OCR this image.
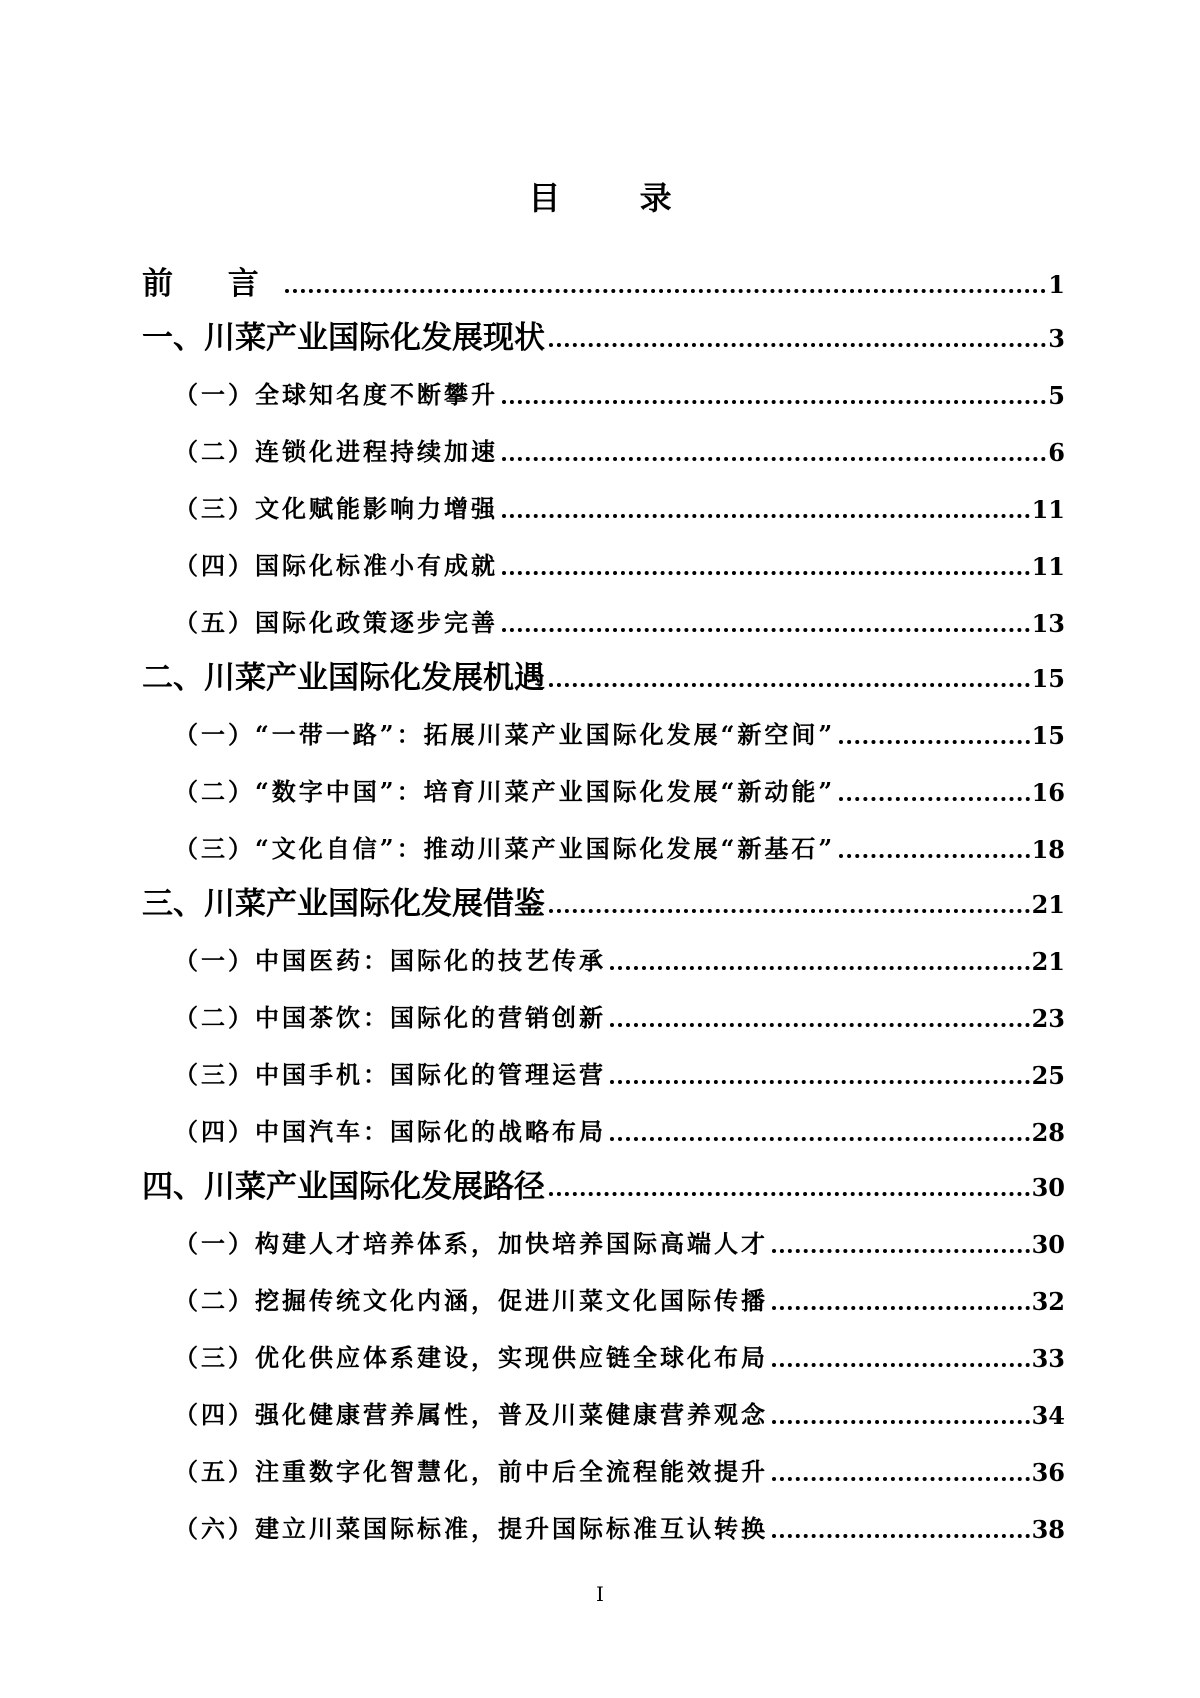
目 录
前 言	1
一、川菜产业国际化发展现状	3
（一）全球知名度不断攀升	5
（二）连锁化进程持续加速	6
（三）文化赋能影响力增强	11
（四）国际化标准小有成就	11
（五）国际化政策逐步完善	13
二、川菜产业国际化发展机遇	15
（一）“一带一路”：拓展川菜产业国际化发展“新空间”	15
（二）“数字中国”：培育川菜产业国际化发展“新动能”	16
（三）“文化自信”：推动川菜产业国际化发展“新基石”	18
三、川菜产业国际化发展借鉴	21
（一）中国医药：国际化的技艺传承	21
（二）中国茶饮：国际化的营销创新	23
（三）中国手机：国际化的管理运营	25
（四）中国汽车：国际化的战略布局	28
四、川菜产业国际化发展路径	30
（一）构建人才培养体系，加快培养国际高端人才	30
（二）挖掘传统文化内涵，促进川菜文化国际传播	32
（三）优化供应体系建设，实现供应链全球化布局	33
（四）强化健康营养属性，普及川菜健康营养观念	34
（五）注重数字化智慧化，前中后全流程能效提升	36
（六）建立川菜国际标准，提升国际标准互认转换	38
I
